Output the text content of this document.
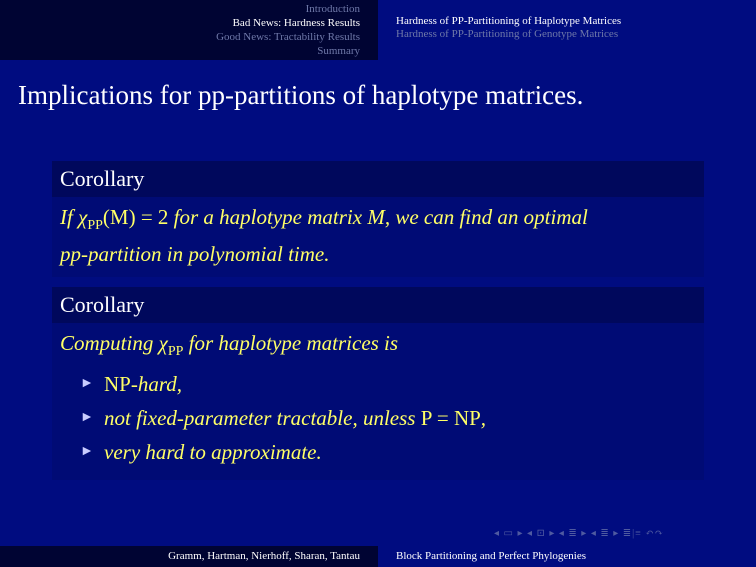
Introduction
Bad News: Hardness Results
Good News: Tractability Results
Summary
Hardness of PP-Partitioning of Haplotype Matrices
Hardness of PP-Partitioning of Genotype Matrices
Implications for pp-partitions of haplotype matrices.
Corollary
If $\chi_{PP}(M) = 2$ for a haplotype matrix M, we can find an optimal
pp-partition in polynomial time.
Corollary
Computing $\chi_{PP}$ for haplotype matrices is
► NP-hard,
► not fixed-parameter tractable, unless P = NP,
► very hard to approximate.
◂ ▭ ▸ ◂ ⊡ ▸ ◂ ≣ ▸ ◂ ≣ ▸ ≣|≡ ↶↷
Gramm, Hartman, Nierhoff, Sharan, Tantau	Block Partitioning and Perfect Phylogenies
